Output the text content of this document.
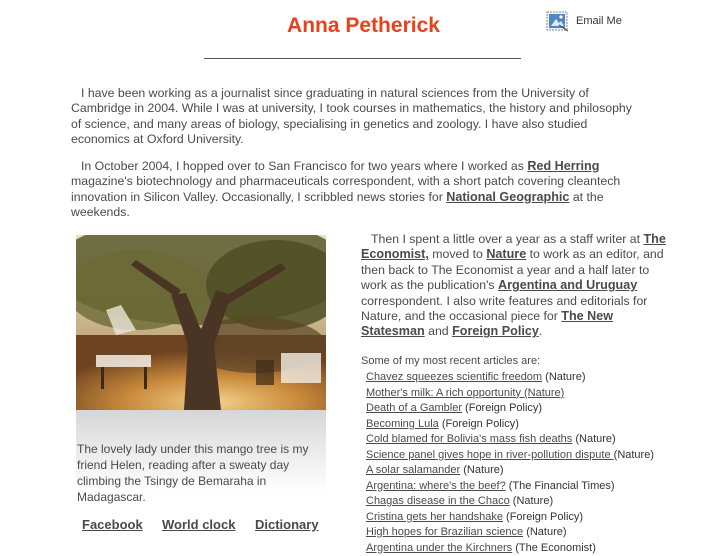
Anna Petherick	Email Me

I have been working as a journalist since graduating in natural sciences from the University of Cambridge in 2004. While I was at university, I took courses in mathematics, the history and philosophy of science, and many areas of biology, specialising in genetics and zoology. I have also studied economics at Oxford University.

In October 2004, I hopped over to San Francisco for two years where I worked as Red Herring magazine's biotechnology and pharmaceuticals correspondent, with a short patch covering cleantech innovation in Silicon Valley. Occasionally, I scribbled news stories for National Geographic at the weekends.

The lovely lady under this mango tree is my friend Helen, reading after a sweaty day climbing the Tsingy de Bemaraha in Madagascar.

Facebook World clock Dictionary

Then I spent a little over a year as a staff writer at The Economist, moved to Nature to work as an editor, and then back to The Economist a year and a half later to work as the publication's Argentina and Uruguay correspondent. I also write features and editorials for Nature, and the occasional piece for The New Statesman and Foreign Policy.

Some of my most recent articles are:

Chavez squeezes scientific freedom (Nature)
Mother's milk: A rich opportunity (Nature)
Death of a Gambler (Foreign Policy)
Becoming Lula (Foreign Policy)
Cold blamed for Bolivia's mass fish deaths (Nature)
Science panel gives hope in river-pollution dispute (Nature)
A solar salamander (Nature)
Argentina: where's the beef? (The Financial Times)
Chagas disease in the Chaco (Nature)
Cristina gets her handshake (Foreign Policy)
High hopes for Brazilian science (Nature)
Argentina under the Kirchners (The Economist)
